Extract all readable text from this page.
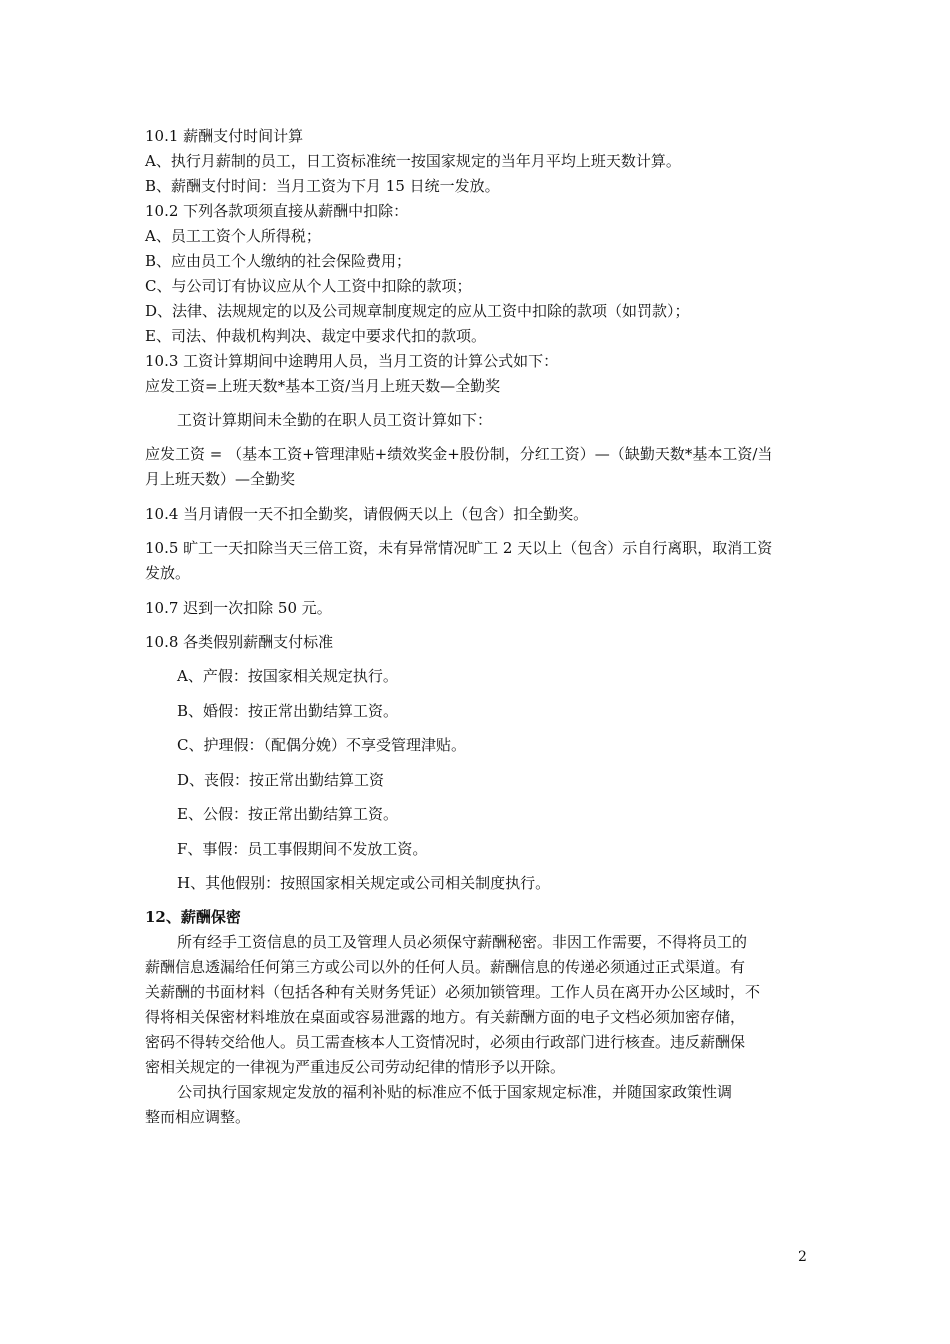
10.1 薪酬支付时间计算
A、执行月薪制的员工，日工资标准统一按国家规定的当年月平均上班天数计算。
B、薪酬支付时间：当月工资为下月 15 日统一发放。
10.2 下列各款项须直接从薪酬中扣除：
A、员工工资个人所得税；
B、应由员工个人缴纳的社会保险费用；
C、与公司订有协议应从个人工资中扣除的款项；
D、法律、法规规定的以及公司规章制度规定的应从工资中扣除的款项（如罚款）；
E、司法、仲裁机构判决、裁定中要求代扣的款项。
10.3 工资计算期间中途聘用人员，当月工资的计算公式如下：
应发工资=上班天数*基本工资/当月上班天数—全勤奖
工资计算期间未全勤的在职人员工资计算如下：
应发工资 = （基本工资+管理津贴+绩效奖金+股份制，分红工资）—（缺勤天数*基本工资/当
月上班天数）—全勤奖
10.4 当月请假一天不扣全勤奖，请假俩天以上（包含）扣全勤奖。
10.5 旷工一天扣除当天三倍工资，未有异常情况旷工 2 天以上（包含）示自行离职，取消工资
发放。
10.7 迟到一次扣除 50 元。
10.8 各类假别薪酬支付标准
A、产假：按国家相关规定执行。
B、婚假：按正常出勤结算工资。
C、护理假：（配偶分娩）不享受管理津贴。
D、丧假：按正常出勤结算工资
E、公假：按正常出勤结算工资。
F、事假：员工事假期间不发放工资。
H、其他假别：按照国家相关规定或公司相关制度执行。
12、薪酬保密
所有经手工资信息的员工及管理人员必须保守薪酬秘密。非因工作需要，不得将员工的
薪酬信息透漏给任何第三方或公司以外的任何人员。薪酬信息的传递必须通过正式渠道。有
关薪酬的书面材料（包括各种有关财务凭证）必须加锁管理。工作人员在离开办公区域时，不
得将相关保密材料堆放在桌面或容易泄露的地方。有关薪酬方面的电子文档必须加密存储，
密码不得转交给他人。员工需查核本人工资情况时，必须由行政部门进行核查。违反薪酬保
密相关规定的一律视为严重违反公司劳动纪律的情形予以开除。
公司执行国家规定发放的福利补贴的标准应不低于国家规定标准，并随国家政策性调
整而相应调整。
2
